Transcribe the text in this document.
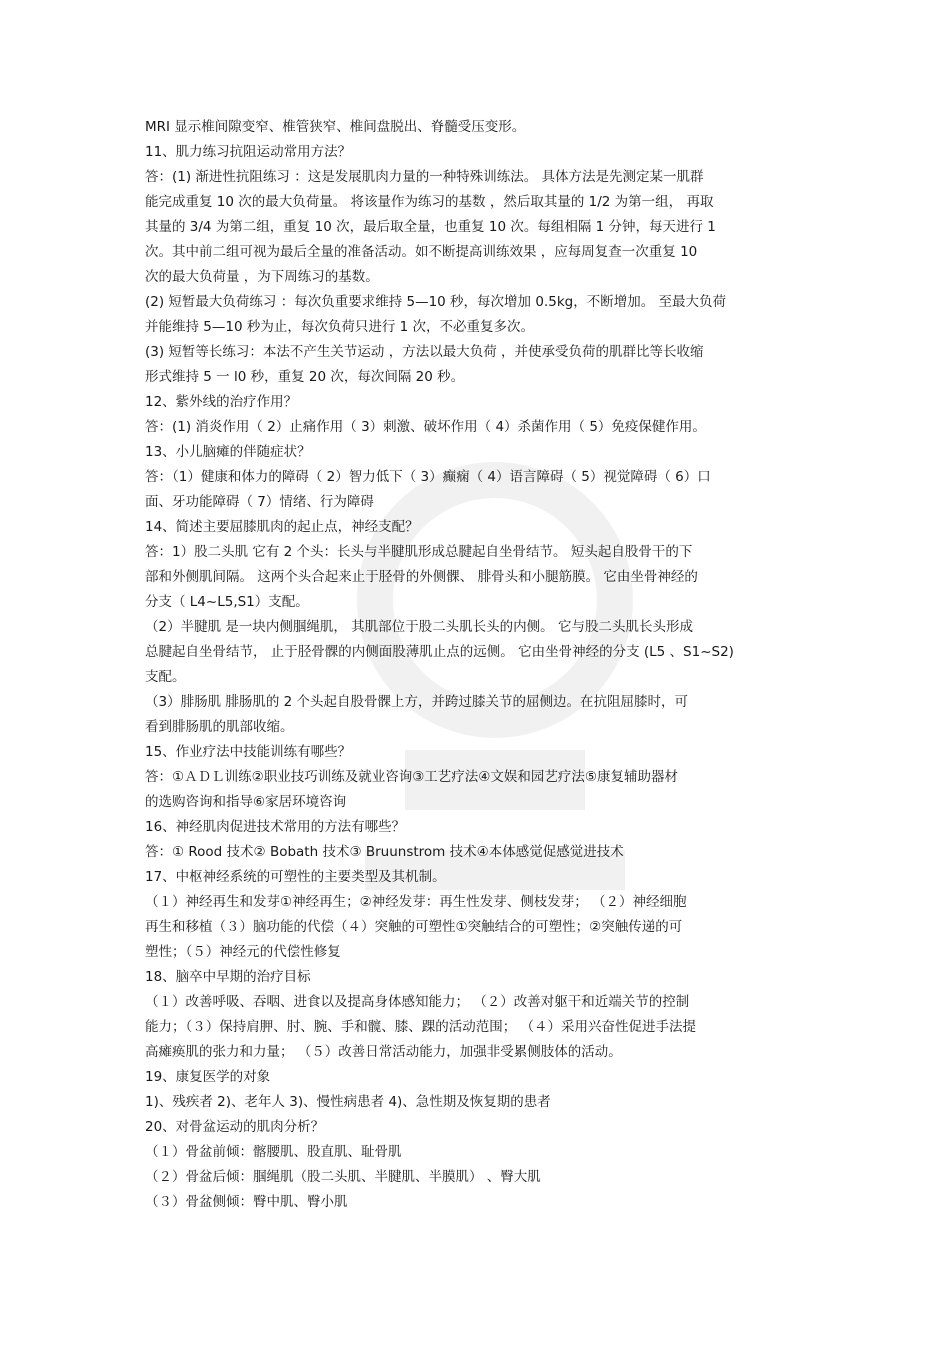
MRI 显示椎间隙变窄、椎管狭窄、椎间盘脱出、脊髓受压变形。
11、肌力练习抗阻运动常用方法？
答：(1) 渐进性抗阻练习 ：这是发展肌肉力量的一种特殊训练法。 具体方法是先测定某一肌群
能完成重复 10 次的最大负荷量。 将该量作为练习的基数 ，然后取其量的 1/2 为第一组， 再取
其量的 3/4 为第二组，重复 10 次，最后取全量，也重复 10 次。每组相隔 1 分钟，每天进行 1
次。其中前二组可视为最后全量的准备活动。如不断提高训练效果 ，应每周复查一次重复 10
次的最大负荷量 ，为下周练习的基数。
(2) 短暂最大负荷练习 ：每次负重要求维持 5—10 秒，每次增加 0.5kg，不断增加。 至最大负荷
并能维持 5—10 秒为止，每次负荷只进行 1 次，不必重复多次。
(3) 短暂等长练习：本法不产生关节运动 ，方法以最大负荷 ，并使承受负荷的肌群比等长收缩
形式维持 5 一 l0 秒，重复 20 次，每次间隔 20 秒。
12、紫外线的治疗作用？
答：(1) 消炎作用（ 2）止痛作用（ 3）刺激、破坏作用（ 4）杀菌作用（ 5）免疫保健作用。
13、小儿脑瘫的伴随症状？
答：（1）健康和体力的障碍（ 2）智力低下（ 3）癫痫（ 4）语言障碍（ 5）视觉障碍（ 6）口
面、牙功能障碍（ 7）情绪、行为障碍
14、简述主要屈膝肌肉的起止点，神经支配？
答：1）股二头肌 它有 2 个头：长头与半腱肌形成总腱起自坐骨结节。 短头起自股骨干的下
部和外侧肌间隔。 这两个头合起来止于胫骨的外侧髁、 腓骨头和小腿筋膜。 它由坐骨神经的
分支（ L4~L5,S1）支配。
（2）半腱肌 是一块内侧腘绳肌， 其肌部位于股二头肌长头的内侧。 它与股二头肌长头形成
总腱起自坐骨结节， 止于胫骨髁的内侧面股薄肌止点的远侧。 它由坐骨神经的分支 (L5 、S1~S2)
支配。
（3）腓肠肌 腓肠肌的 2 个头起自股骨髁上方，并跨过膝关节的屈侧边。在抗阻屈膝时，可
看到腓肠肌的肌部收缩。
15、作业疗法中技能训练有哪些？
答：①ＡＤＬ训练②职业技巧训练及就业咨询③工艺疗法④文娱和园艺疗法⑤康复辅助器材
的选购咨询和指导⑥家居环境咨询
16、神经肌肉促进技术常用的方法有哪些？
答：① Rood 技术② Bobath 技术③ Bruunstrom 技术④本体感觉促感觉进技术
17、中枢神经系统的可塑性的主要类型及其机制。
（１）神经再生和发芽①神经再生；②神经发芽：再生性发芽、侧枝发芽； （２）神经细胞
再生和移植（３）脑功能的代偿（４）突触的可塑性①突触结合的可塑性；②突触传递的可
塑性；（５）神经元的代偿性修复
18、脑卒中早期的治疗目标
（１）改善呼吸、吞咽、进食以及提高身体感知能力； （２）改善对躯干和近端关节的控制
能力；（３）保持肩胛、肘、腕、手和髋、膝、踝的活动范围； （４）采用兴奋性促进手法提
高瘫痪肌的张力和力量； （５）改善日常活动能力，加强非受累侧肢体的活动。
19、康复医学的对象
1)、残疾者 2)、老年人 3)、慢性病患者 4)、急性期及恢复期的患者
20、对骨盆运动的肌肉分析？
（１）骨盆前倾：髂腰肌、股直肌、耻骨肌
（２）骨盆后倾：腘绳肌（股二头肌、半腱肌、半膜肌） 、臀大肌
（３）骨盆侧倾：臀中肌、臀小肌
